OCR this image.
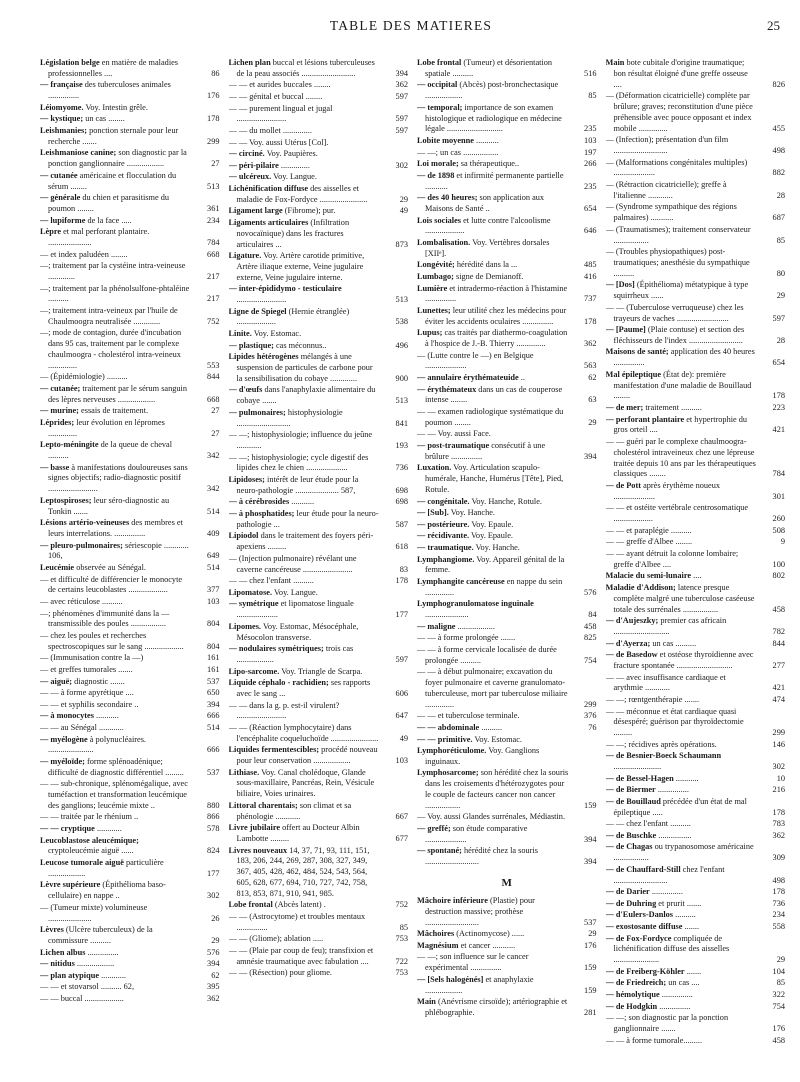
TABLE DES MATIERES	25
Législation belge en matière de maladies professionnelles ....	86
— française des tuberculoses animales ...............	176
Léiomyome. Voy. Intestin grêle.
— kystique; un cas ........	178
Leishmanies; ponction sternale pour leur recherche .......	299
Leishmaniose canine; son diagnostic par la ponction ganglionnaire ..................	27
— cutanée américaine et flocculation du sérum ........	513
— générale du chien et parasitisme du poumon ........	361
— lupiforme de la face .....	234
Lèpre et mal perforant plantaire. .....................	784
— et index paludéen ........	668
—; traitement par la cystéine intra-veineuse .............	217
—; traitement par la phénolsulfone-phtaléine ..........	217
—; traitement intra-veineux par l'huile de Chaulmoogra neutralisée .............	752
—; mode de contagion, durée d'incubation dans 95 cas, traitement par le complexe chaulmoogra - cholestérol intra-veineux ..............	553
— (Épidémiologie) ..........	844
— cutanée; traitement par le sérum sanguin des lèpres nerveuses ..................	668
— murine; essais de traitement.	27
Léprides; leur évolution en lépromes ..............	27
Lepto-méningite de la queue de cheval ..........	342
— basse à manifestations douloureuses sans signes objectifs; radio-diagnostic positif ........................	342
Leptospiroses; leur séro-diagnostic au Tonkin .......	514
Lésions artério-veineuses des membres et leurs interrelations. ...............	409
— pleuro-pulmonaires; sériescopie ............ 106,	649
Leucémie observée au Sénégal.	514
— et difficulté de différencier le monocyte de certains leucoblastes ...................	377
— avec réticulose ..........	103
—; phénomènes d'immunité dans la — transmissible des poules .................	804
— chez les poules et recherches spectroscopiques sur le sang ...................	804
— (Immunisation contre la —)	161
— et greffes tumorales .......	161
— aiguë; diagnostic .......	537
— — à forme apyrétique ....	650
— — et syphilis secondaire ..	394
— à monocytes ...........	666
— — au Sénégal ............	514
— myélogène à polynucléaires. ......................	666
— myéloïde; forme splénoadénique; difficulté de diagnostic différentiel .........	537
— — sub-chronique, splénomégalique, avec tuméfaction et transformation leucémique des ganglions; leucémie mixte ..	880
— — traitée par le rhénium ..	866
— — cryptique ............	578
Leucoblastose aleucémique; cryptoleucémie aiguë ......	824
Leucose tumorale aiguë particulière ..................	177
Lèvre supérieure (Épithélioma baso-cellulaire) en nappe ..	302
— (Tumeur mixte) volumineuse .....................	26
Lèvres (Ulcère tuberculeux) de la commissure ..........	29
Lichen albus ...............	576
— nitidus ..................	394
— plan atypique ............	62
— — et stovarsol .......... 62,	395
— — buccal ...................	362
Lichen plan buccal et lésions tuberculeuses de la peau associés ..........................	394
— — et aurides buccales ........	362
— — génital et buccal ........	597
— — purement lingual et jugal ........................	597
— — du mollet ..............	597
— — Voy. aussi Utérus [Col].
— circiné. Voy. Paupières.
— péri-pilaire ..............	302
— ulcéreux. Voy. Langue.
Lichénification diffuse des aisselles et maladie de Fox-Fordyce .......................	29
Ligament large (Fibrome); pur.	49
Ligaments articulaires (Infiltration novocaïnique) dans les fractures articulaires ...	873
Ligature. Voy. Artère carotide primitive, Artère iliaque externe, Veine jugulaire externe, Veine jugulaire interne.
— inter-épididymo - testiculaire ........................	513
Ligne de Spiegel (Hernie étranglée) ...................	538
Linite. Voy. Estomac.
— plastique; cas méconnus..	496
Lipides hétérogènes mélangés à une suspension de particules de carbone pour la sensibilisation du cobaye .............	900
— d'œufs dans l'anaphylaxie alimentaire du cobaye .......	513
— pulmonaires; histophysiologie ..........................	841
— —; histophysiologie; influence du jeûne ............	193
— —; histophysiologie; cycle digestif des lipides chez le chien ....................	736
Lipidoses; intérêt de leur étude pour la neuro-pathologie ..................... 587,	698
— à cérébrosides ...........	698
— à phosphatides; leur étude pour la neuro-pathologie ...	587
Lipiodol dans le traitement des foyers péri-apexiens .........	618
— (Injection pulmonaire) révélant une caverne cancéreuse ........................	83
— — chez l'enfant ..........	178
Lipomatose. Voy. Langue.
— symétrique et lipomatose linguale ....................	177
Lipomes. Voy. Estomac, Mésocéphale, Mésocolon transverse.
— nodulaires symétriques; trois cas ..................	597
Lipo-sarcome. Voy. Triangle de Scarpa.
Liquide céphalo - rachidien; ses rapports avec le sang ...	606
— — dans la g. p. est-il virulent? ........................	647
— — (Réaction lymphocytaire) dans l'encéphalite coqueluchoïde .......................	49
Liquides fermentescibles; procédé nouveau pour leur conservation ..................	103
Lithiase. Voy. Canal cholédoque, Glande sous-maxillaire, Pancréas, Rein, Vésicule biliaire, Voies urinaires.
Littoral charentais; son climat et sa phénologie ............	667
Livre jubilaire offert au Docteur Albin Lambotte .........	677
Livres nouveaux 14, 37, 71, 93, 111, 151, 183, 206, 244, 269, 287, 308, 327, 349, 367, 405, 428, 462, 484, 524, 543, 564, 605, 628, 677, 694, 710, 727, 742, 758, 813, 853, 871, 910, 941, 985.
Lobe frontal (Abcès latent) .	752
— — (Astrocytome) et troubles mentaux ...............	85
— — (Gliome); ablation .....	753
— — (Plaie par coup de feu); transfixion et amnésie traumatique avec fabulation ....	722
— — (Résection) pour gliome.	753
Lobe frontal (Tumeur) et désorientation spatiale ..........	516
— occipital (Abcès) post-bronchectasique ..................	85
— temporal; importance de son examen histologique et radiologique en médecine légale ...........................	235
Lobite moyenne ...........	103
— —; un cas .................	197
Loi morale; sa thérapeutique..	266
— de 1898 et infirmité permanente partielle ...........	235
— des 40 heures; son application aux Maisons de Santé ..	654
Lois sociales et lutte contre l'alcoolisme ...................	646
Lombalisation. Voy. Vertèbres dorsales [XIIᵉ].
Longévité; hérédité dans la ...	485
Lumbago; signe de Demianoff.	416
Lumière et intradermo-réaction à l'histamine ...............	737
Lunettes; leur utilité chez les médecins pour éviter les accidents oculaires ...............	178
Lupus; cas traités par diathermo-coagulation à l'hospice de J.-B. Thierry ..............	362
— (Lutte contre le —) en Belgique ....................	563
— annulaire érythémateuide ..	62
— érythémateux dans un cas de couperose intense ........	63
— — examen radiologique systématique du poumon ........	29
— — Voy. aussi Face.
— post-traumatique consécutif à une brûlure ...............	394
Luxation. Voy. Articulation scapulo-humérale, Hanche, Humérus [Tête], Pied, Rotule.
— congénitale. Voy. Hanche, Rotule.
— [Sub]. Voy. Hanche.
— postérieure. Voy. Epaule.
— récidivante. Voy. Epaule.
— traumatique. Voy. Hanche.
Lymphangiome. Voy. Appareil génital de la femme.
Lymphangite cancéreuse en nappe du sein ..............	576
Lymphogranulomatose inguinale .....................	84
— maligne ..................	458
— — à forme prolongée .......	825
— — à forme cervicale localisée de durée prolongée ..........	754
— — à début pulmonaire; excavation du foyer pulmonaire et caverne granulomato-tuberculeuse, mort par tuberculose miliaire ..............	299
— — et tuberculose terminale.	376
— — abdominale ..........	76
— — primitive. Voy. Estomac.
Lymphoréticulome. Voy. Ganglions inguinaux.
Lymphosarcome; son hérédité chez la souris dans les croisements d'hétérozygotes pour le couple de facteurs cancer non cancer .................	159
— Voy. aussi Glandes surrénales, Médiastin.
— greffé; son étude comparative ....................	394
— spontané; hérédité chez la souris ..........................	394
M
Mâchoire inférieure (Plastie) pour destruction massive; prothèse ..........................	537
Mâchoires (Actinomycose) ......	29
Magnésium et cancer ...........	176
— —; son influence sur le cancer expérimental ...............	159
— [Sels halogénés] et anaphylaxie ..................	159
Main (Anévrisme cirsoïde); artériographie et phlébographie.	281
Main bote cubitale d'origine traumatique; bon résultat éloigné d'une greffe osseuse ....	826
— (Déformation cicatricielle) complète par brûlure; graves; reconstitution d'une pièce préhensible avec pouce opposant et index mobile ..............	455
— (Infection); présentation d'un film ..........................	498
— (Malformations congénitales multiples) ....................	882
— (Rétraction cicatricielle); greffe à l'italienne ............	28
— (Syndrome sympathique des régions palmaires) ...........	687
— (Traumatismes); traitement conservateur .................	85
— (Troubles physiopathiques) post-traumatiques; anesthésie du sympathique ..........	80
— [Dos] (Épithélioma) métatypique à type squirrheux ......	29
— — (Tuberculose verruqueuse) chez les trayeurs de vaches .........................	597
— [Paume] (Plaie contuse) et section des fléchisseurs de l'index ..........................	28
Maisons de santé; application des 40 heures ...............	654
Mal épileptique (État de): première manifestation d'une maladie de Bouillaud ........	178
— de mer; traitement ..........	223
— perforant plantaire et hypertrophie du gros orteil ....	421
— — guéri par le complexe chaulmoogra-cholestérol intraveineux chez une lépreuse traitée depuis 10 ans par les thérapeutiques classiques ........	784
— de Pott après érythème noueux ....................	301
— — et ostéite vertébrale centrosomatique ...................	260
— — et paraplégie ..........	508
— — greffe d'Albee ........	9
— — ayant détruit la colonne lombaire; greffe d'Albee ....	100
Malacie du semi-lunaire ....	802
Maladie d'Addison; latence presque complète malgré une tuberculose caséeuse totale des surrénales .................	458
— d'Aujeszky; premier cas africain ...........................	782
— d'Ayerza; un cas ..........	844
— de Basedow et ostéose thyroïdienne avec fracture spontanée ...........................	277
— — avec insuffisance cardiaque et arythmie ............	421
— —; rœntgenthérapie .......	474
— — méconnue et état cardiaque quasi désespéré; guérison par thyroïdectomie .........	299
— —; récidives après opérations.	146
— de Besnier-Boeck Schaumann .......................	302
— de Bessel-Hagen ...........	10
— de Biermer ...............	216
— de Bouillaud précédée d'un état de mal épileptique .....	178
— — chez l'enfant ..........	783
— de Buschke ................	362
— de Chagas ou trypanosomose américaine .................	309
— de Chauffard-Still chez l'enfant ..........................	498
— de Darier ...............	178
— de Duhring et prurit .......	736
— d'Eulers-Danlos ..........	234
— exostosante diffuse .......	558
— de Fox-Fordyce compliquée de lichénification diffuse des aisselles ......................	29
— de Freiberg-Köhler .......	104
— de Friedreich; un cas ....	85
— hémolytique ...............	322
— de Hodgkin ...............	754
— —; son diagnostic par la ponction ganglionnaire .......	176
— — à forme tumorale.........	458
